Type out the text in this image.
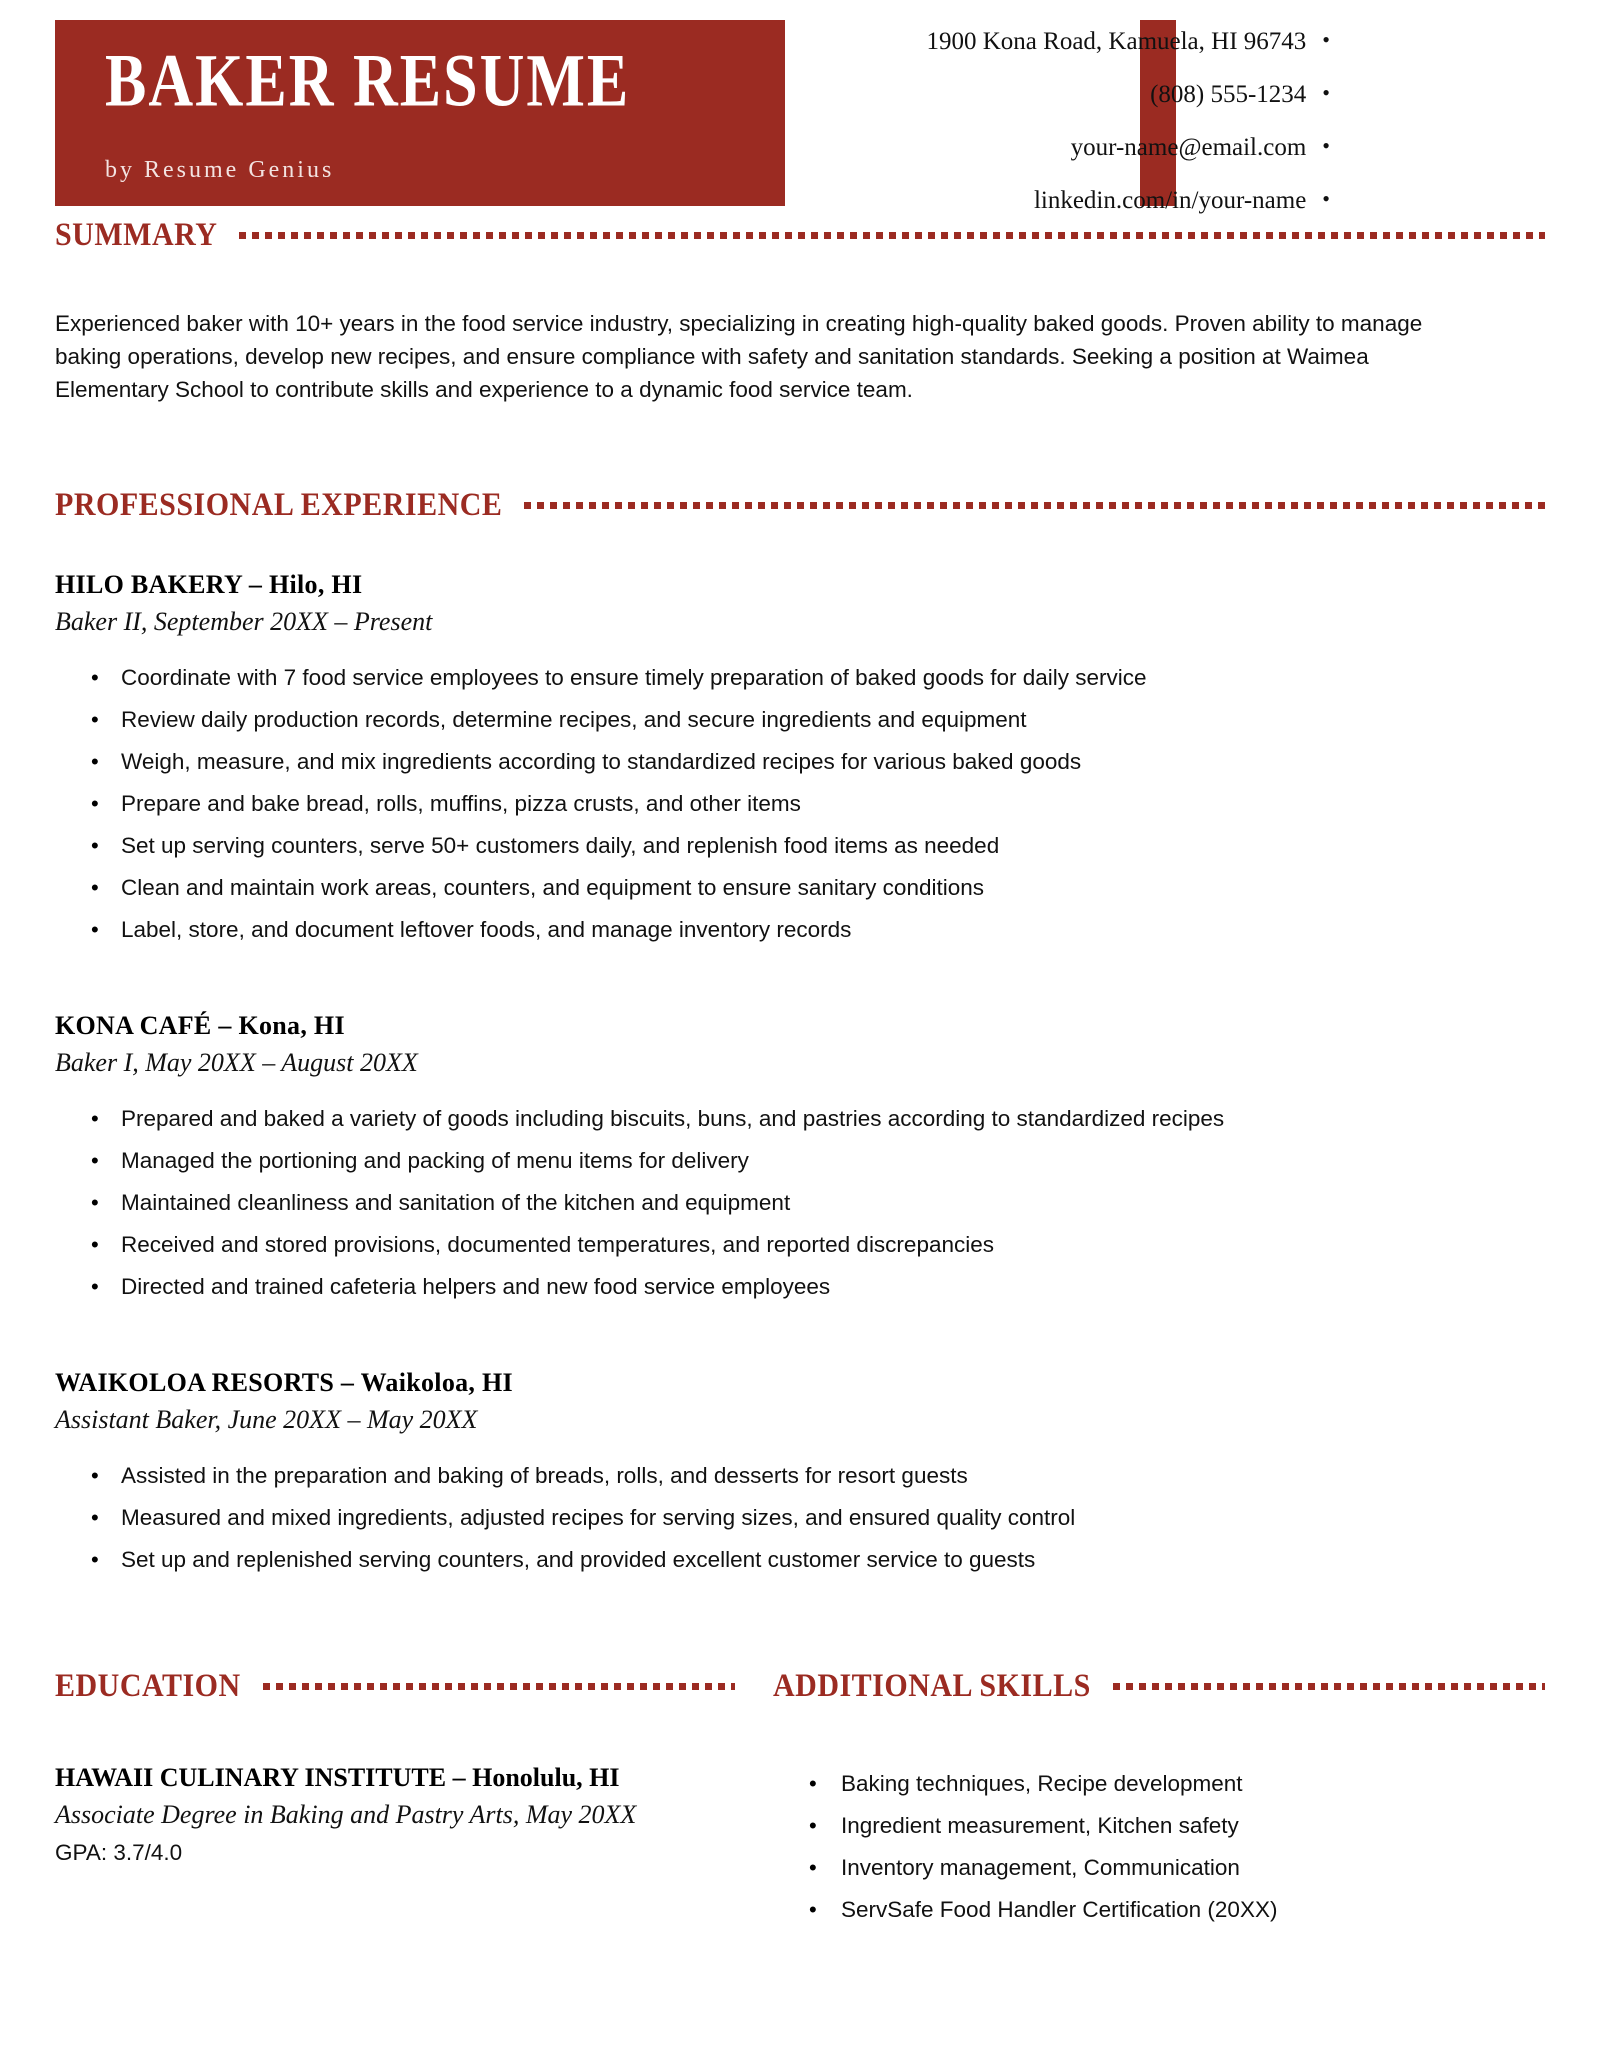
BAKER RESUME
by Resume Genius
1900 Kona Road, Kamuela, HI 96743 •
(808) 555-1234 •
your-name@email.com •
linkedin.com/in/your-name •
SUMMARY

Experienced baker with 10+ years in the food service industry, specializing in creating high-quality baked goods. Proven ability to manage baking operations, develop new recipes, and ensure compliance with safety and sanitation standards. Seeking a position at Waimea Elementary School to contribute skills and experience to a dynamic food service team.

PROFESSIONAL EXPERIENCE
HILO BAKERY – Hilo, HI
Baker II, September 20XX – Present
• Coordinate with 7 food service employees to ensure timely preparation of baked goods for daily service
• Review daily production records, determine recipes, and secure ingredients and equipment
• Weigh, measure, and mix ingredients according to standardized recipes for various baked goods
• Prepare and bake bread, rolls, muffins, pizza crusts, and other items
• Set up serving counters, serve 50+ customers daily, and replenish food items as needed
• Clean and maintain work areas, counters, and equipment to ensure sanitary conditions
• Label, store, and document leftover foods, and manage inventory records
KONA CAFÉ – Kona, HI
Baker I, May 20XX – August 20XX
• Prepared and baked a variety of goods including biscuits, buns, and pastries according to standardized recipes
• Managed the portioning and packing of menu items for delivery
• Maintained cleanliness and sanitation of the kitchen and equipment
• Received and stored provisions, documented temperatures, and reported discrepancies
• Directed and trained cafeteria helpers and new food service employees
WAIKOLOA RESORTS – Waikoloa, HI
Assistant Baker, June 20XX – May 20XX
• Assisted in the preparation and baking of breads, rolls, and desserts for resort guests
• Measured and mixed ingredients, adjusted recipes for serving sizes, and ensured quality control
• Set up and replenished serving counters, and provided excellent customer service to guests
EDUCATION
HAWAII CULINARY INSTITUTE – Honolulu, HI
Associate Degree in Baking and Pastry Arts, May 20XX
GPA: 3.7/4.0
ADDITIONAL SKILLS
• Baking techniques, Recipe development
• Ingredient measurement, Kitchen safety
• Inventory management, Communication
• ServSafe Food Handler Certification (20XX)
